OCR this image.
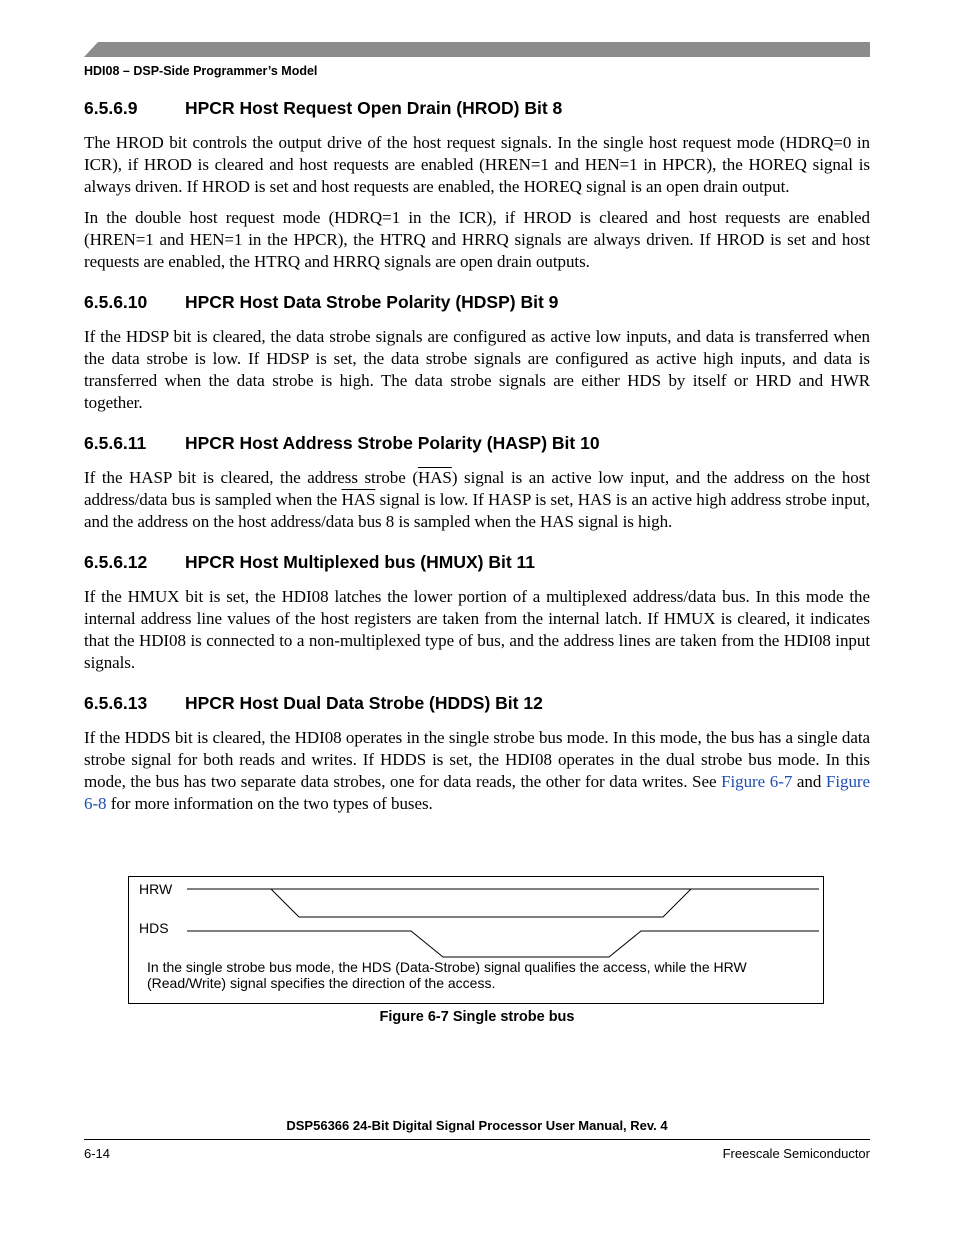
HDI08 – DSP-Side Programmer’s Model
6.5.6.9	HPCR Host Request Open Drain (HROD) Bit 8

The HROD bit controls the output drive of the host request signals. In the single host request mode (HDRQ=0 in ICR), if HROD is cleared and host requests are enabled (HREN=1 and HEN=1 in HPCR), the HOREQ signal is always driven. If HROD is set and host requests are enabled, the HOREQ signal is an open drain output.

In the double host request mode (HDRQ=1 in the ICR), if HROD is cleared and host requests are enabled (HREN=1 and HEN=1 in the HPCR), the HTRQ and HRRQ signals are always driven. If HROD is set and host requests are enabled, the HTRQ and HRRQ signals are open drain outputs.

6.5.6.10	HPCR Host Data Strobe Polarity (HDSP) Bit 9

If the HDSP bit is cleared, the data strobe signals are configured as active low inputs, and data is transferred when the data strobe is low. If HDSP is set, the data strobe signals are configured as active high inputs, and data is transferred when the data strobe is high. The data strobe signals are either HDS by itself or HRD and HWR together.

6.5.6.11	HPCR Host Address Strobe Polarity (HASP) Bit 10

If the HASP bit is cleared, the address strobe $(\overline{HAS})$ signal is an active low input, and the address on the host address/data bus is sampled when the $\overline{HAS}$ signal is low. If HASP is set, HAS is an active high address strobe input, and the address on the host address/data bus 8 is sampled when the HAS signal is high.

6.5.6.12	HPCR Host Multiplexed bus (HMUX) Bit 11

If the HMUX bit is set, the HDI08 latches the lower portion of a multiplexed address/data bus. In this mode the internal address line values of the host registers are taken from the internal latch. If HMUX is cleared, it indicates that the HDI08 is connected to a non-multiplexed type of bus, and the address lines are taken from the HDI08 input signals.

6.5.6.13	HPCR Host Dual Data Strobe (HDDS) Bit 12

If the HDDS bit is cleared, the HDI08 operates in the single strobe bus mode. In this mode, the bus has a single data strobe signal for both reads and writes. If HDDS is set, the HDI08 operates in the dual strobe bus mode. In this mode, the bus has two separate data strobes, one for data reads, the other for data writes. See Figure 6-7 and Figure 6-8 for more information on the two types of buses.

HRW
HDS
In the single strobe bus mode, the HDS (Data-Strobe) signal qualifies the access, while the HRW (Read/Write) signal specifies the direction of the access.
Figure 6-7 Single strobe bus
DSP56366 24-Bit Digital Signal Processor User Manual, Rev. 4
6-14	Freescale Semiconductor
